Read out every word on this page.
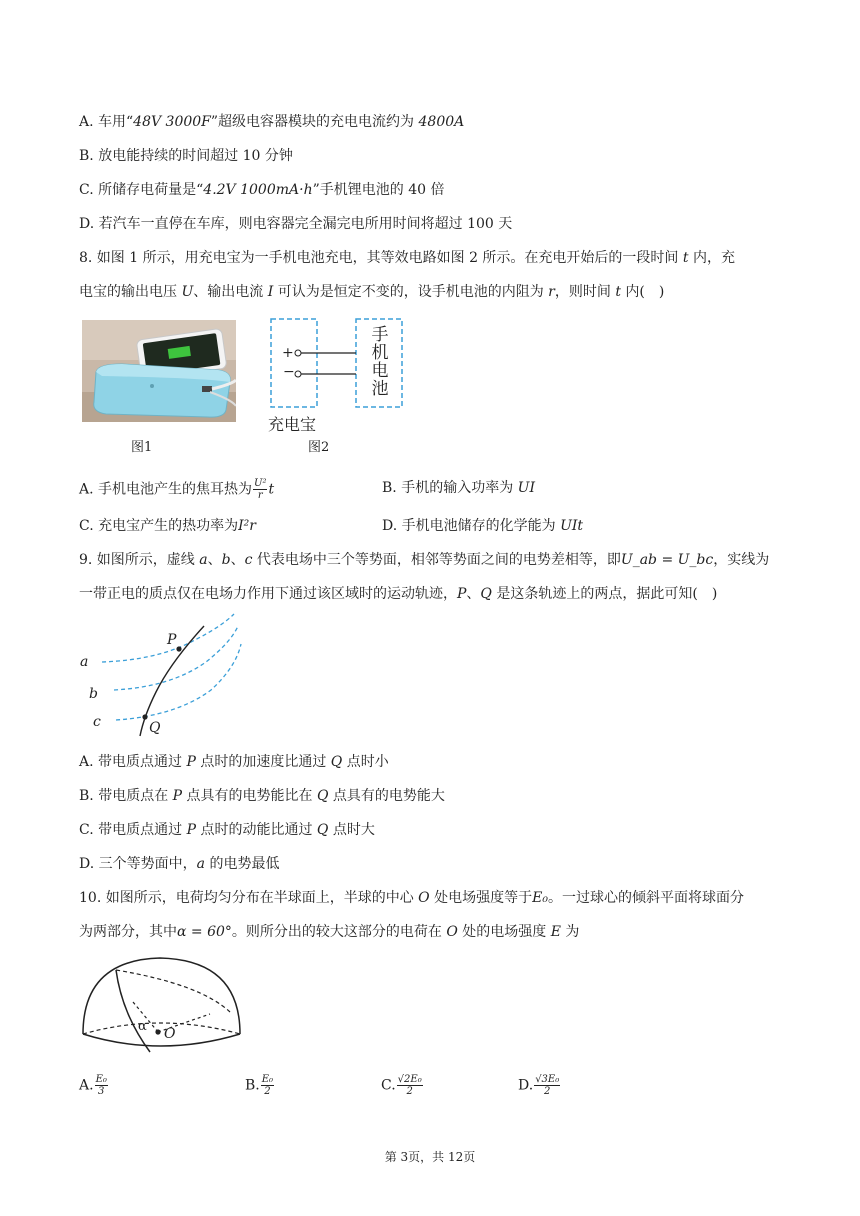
A. 车用“48V 3000F”超级电容器模块的充电电流约为 4800A
B. 放电能持续的时间超过 10 分钟
C. 所储存电荷量是“4.2V 1000mA·h”手机锂电池的 40 倍
D. 若汽车一直停在车库，则电容器完全漏完电所用时间将超过 100 天
8. 如图 1 所示，用充电宝为一手机电池充电，其等效电路如图 2 所示。在充电开始后的一段时间 t 内，充
电宝的输出电压 U、输出电流 I 可认为是恒定不变的，设手机电池的内阻为 r，则时间 t 内(　)
图1
+
−
手
机
电
池
充电宝
图2
A. 手机电池产生的焦耳热为 $\frac{\text{U²}}{r}$ t	B. 手机的输入功率为 UI
C. 充电宝产生的热功率为I²r	D. 手机电池储存的化学能为 UIt
9. 如图所示，虚线 a、b、c 代表电场中三个等势面，相邻等势面之间的电势差相等，即U_ab = U_bc，实线为
一带正电的质点仅在电场力作用下通过该区域时的运动轨迹，P、Q 是这条轨迹上的两点，据此可知(　)
a
b
c
P
Q
A. 带电质点通过 P 点时的加速度比通过 Q 点时小
B. 带电质点在 P 点具有的电势能比在 Q 点具有的电势能大
C. 带电质点通过 P 点时的动能比通过 Q 点时大
D. 三个等势面中，a 的电势最低
10. 如图所示，电荷均匀分布在半球面上，半球的中心 O 处电场强度等于E₀。一过球心的倾斜平面将球面分
为两部分，其中α = 60°。则所分出的较大这部分的电荷在 O 处的电场强度 E 为
α O
A. $\frac{\text{E₀}}{3}$	B. $\frac{\text{E₀}}{2}$	C. $\frac{\text{√2E₀}}{2}$	D. $\frac{\text{√3E₀}}{2}$
第 3页，共 12页
